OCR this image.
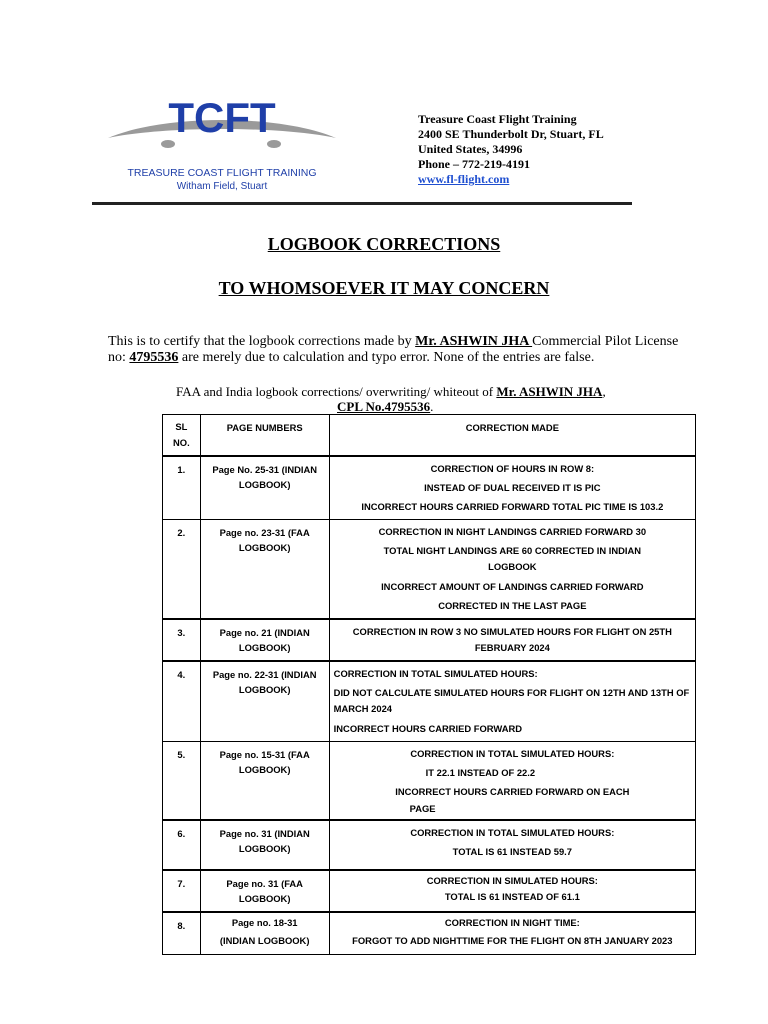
TCFT
TREASURE COAST FLIGHT TRAINING
Witham Field, Stuart
Treasure Coast Flight Training
2400 SE Thunderbolt Dr, Stuart, FL
United States, 34996
Phone – 772-219-4191
www.fl-flight.com
LOGBOOK CORRECTIONS
TO WHOMSOEVER IT MAY CONCERN
This is to certify that the logbook corrections made by Mr. ASHWIN JHA Commercial Pilot License no: 4795536 are merely due to calculation and typo error. None of the entries are false.
FAA and India logbook corrections/ overwriting/ whiteout of Mr. ASHWIN JHA,
CPL No.4795536.
SL NO.	PAGE NUMBERS	CORRECTION MADE

1.	Page No. 25-31 (INDIAN LOGBOOK)	CORRECTION OF HOURS IN ROW 8:
INSTEAD OF DUAL RECEIVED IT IS PIC
INCORRECT HOURS CARRIED FORWARD TOTAL PIC TIME IS 103.2

2.	Page no. 23-31 (FAA LOGBOOK)	CORRECTION IN NIGHT LANDINGS CARRIED FORWARD 30
TOTAL NIGHT LANDINGS ARE 60 CORRECTED IN INDIAN LOGBOOK
INCORRECT AMOUNT OF LANDINGS CARRIED FORWARD
CORRECTED IN THE LAST PAGE

3.	Page no. 21 (INDIAN LOGBOOK)	CORRECTION IN ROW 3 NO SIMULATED HOURS FOR FLIGHT ON 25TH FEBRUARY 2024

4.	Page no. 22-31 (INDIAN LOGBOOK)	CORRECTION IN TOTAL SIMULATED HOURS:
DID NOT CALCULATE SIMULATED HOURS FOR FLIGHT ON 12TH AND 13TH OF MARCH 2024
INCORRECT HOURS CARRIED FORWARD

5.	Page no. 15-31 (FAA LOGBOOK)	CORRECTION IN TOTAL SIMULATED HOURS:
IT 22.1 INSTEAD OF 22.2
INCORRECT HOURS CARRIED FORWARD ON EACH
PAGE

6.	Page no. 31 (INDIAN LOGBOOK)	CORRECTION IN TOTAL SIMULATED HOURS:
TOTAL IS 61 INSTEAD 59.7

7.	Page no. 31 (FAA LOGBOOK)	CORRECTION IN SIMULATED HOURS:
TOTAL IS 61 INSTEAD OF 61.1

8.	Page no. 18-31 (INDIAN LOGBOOK)	CORRECTION IN NIGHT TIME:
FORGOT TO ADD NIGHTTIME FOR THE FLIGHT ON 8TH JANUARY 2023
